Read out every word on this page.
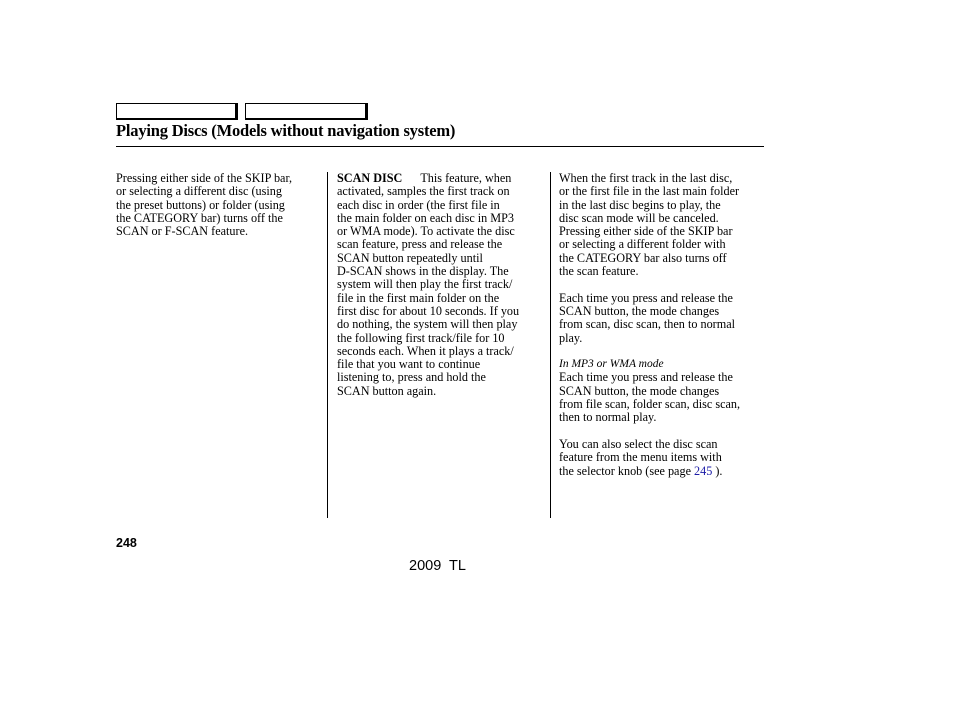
Playing Discs (Models without navigation system)

Pressing either side of the SKIP bar,

or selecting a different disc (using

the preset buttons) or folder (using

the CATEGORY bar) turns off the

SCAN or F-SCAN feature.

SCAN DISC This feature, when

activated, samples the first track on

each disc in order (the first file in

the main folder on each disc in MP3

or WMA mode). To activate the disc

scan feature, press and release the

SCAN button repeatedly until

D-SCAN shows in the display. The

system will then play the first track/

file in the first main folder on the

first disc for about 10 seconds. If you

do nothing, the system will then play

the following first track/file for 10

seconds each. When it plays a track/

file that you want to continue

listening to, press and hold the

SCAN button again.

When the first track in the last disc,

or the first file in the last main folder

in the last disc begins to play, the

disc scan mode will be canceled.

Pressing either side of the SKIP bar

or selecting a different folder with

the CATEGORY bar also turns off

the scan feature.

Each time you press and release the

SCAN button, the mode changes

from scan, disc scan, then to normal

play.

In MP3 or WMA mode

Each time you press and release the

SCAN button, the mode changes

from file scan, folder scan, disc scan,

then to normal play.

You can also select the disc scan

feature from the menu items with

the selector knob (see page 245 ).

248
2009  TL
